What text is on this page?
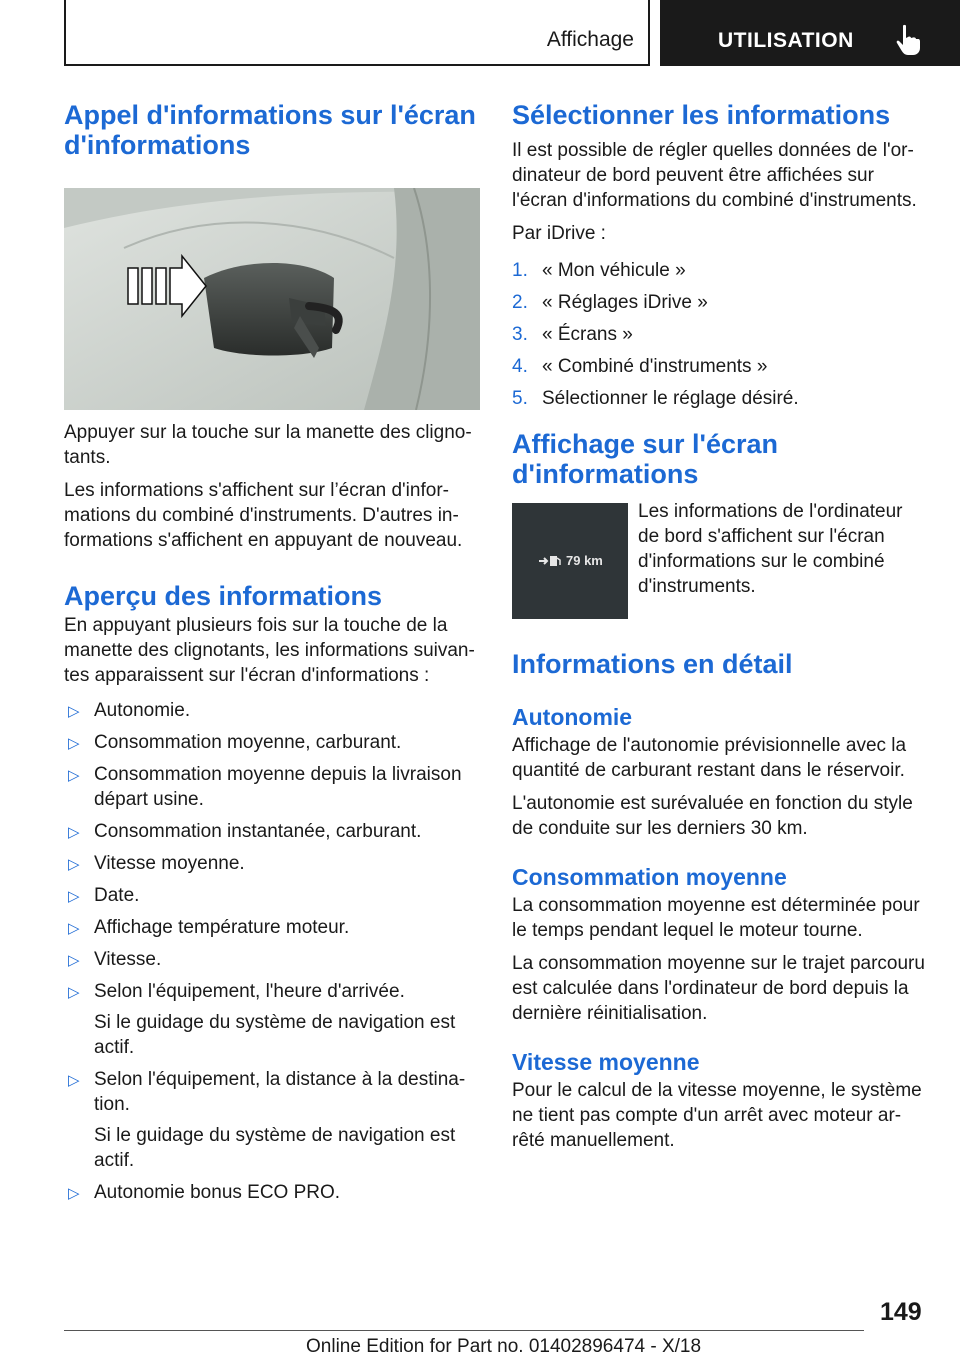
Affichage	UTILISATION
Appel d'informations sur l'écran
d'informations

Appuyer sur la touche sur la manette des cligno-
tants.

Les informations s'affichent sur l’écran d'infor-
mations du combiné d'instruments. D'autres in-
formations s'affichent en appuyant de nouveau.

Aperçu des informations

En appuyant plusieurs fois sur la touche de la
manette des clignotants, les informations suivan-
tes apparaissent sur l'écran d'informations :

▷ Autonomie.
▷ Consommation moyenne, carburant.
▷ Consommation moyenne depuis la livraison
départ usine.
▷ Consommation instantanée, carburant.
▷ Vitesse moyenne.
▷ Date.
▷ Affichage température moteur.
▷ Vitesse.
▷ Selon l'équipement, l'heure d'arrivée.
Si le guidage du système de navigation est
actif.
▷ Selon l'équipement, la distance à la destina-
tion.
Si le guidage du système de navigation est
actif.
▷ Autonomie bonus ECO PRO.
Sélectionner les informations

Il est possible de régler quelles données de l'or-
dinateur de bord peuvent être affichées sur
l'écran d'informations du combiné d'instruments.

Par iDrive :

1. « Mon véhicule »
2. « Réglages iDrive »
3. « Écrans »
4. « Combiné d'instruments »
5. Sélectionner le réglage désiré.
Affichage sur l'écran
d'informations
79 km

Les informations de l'ordinateur
de bord s'affichent sur l'écran
d'informations sur le combiné
d'instruments.

Informations en détail
Autonomie

Affichage de l'autonomie prévisionnelle avec la
quantité de carburant restant dans le réservoir.

L'autonomie est surévaluée en fonction du style
de conduite sur les derniers 30 km.

Consommation moyenne

La consommation moyenne est déterminée pour
le temps pendant lequel le moteur tourne.

La consommation moyenne sur le trajet parcouru
est calculée dans l'ordinateur de bord depuis la
dernière réinitialisation.

Vitesse moyenne

Pour le calcul de la vitesse moyenne, le système
ne tient pas compte d'un arrêt avec moteur ar-
rêté manuellement.

149
Online Edition for Part no. 01402896474 - X/18
